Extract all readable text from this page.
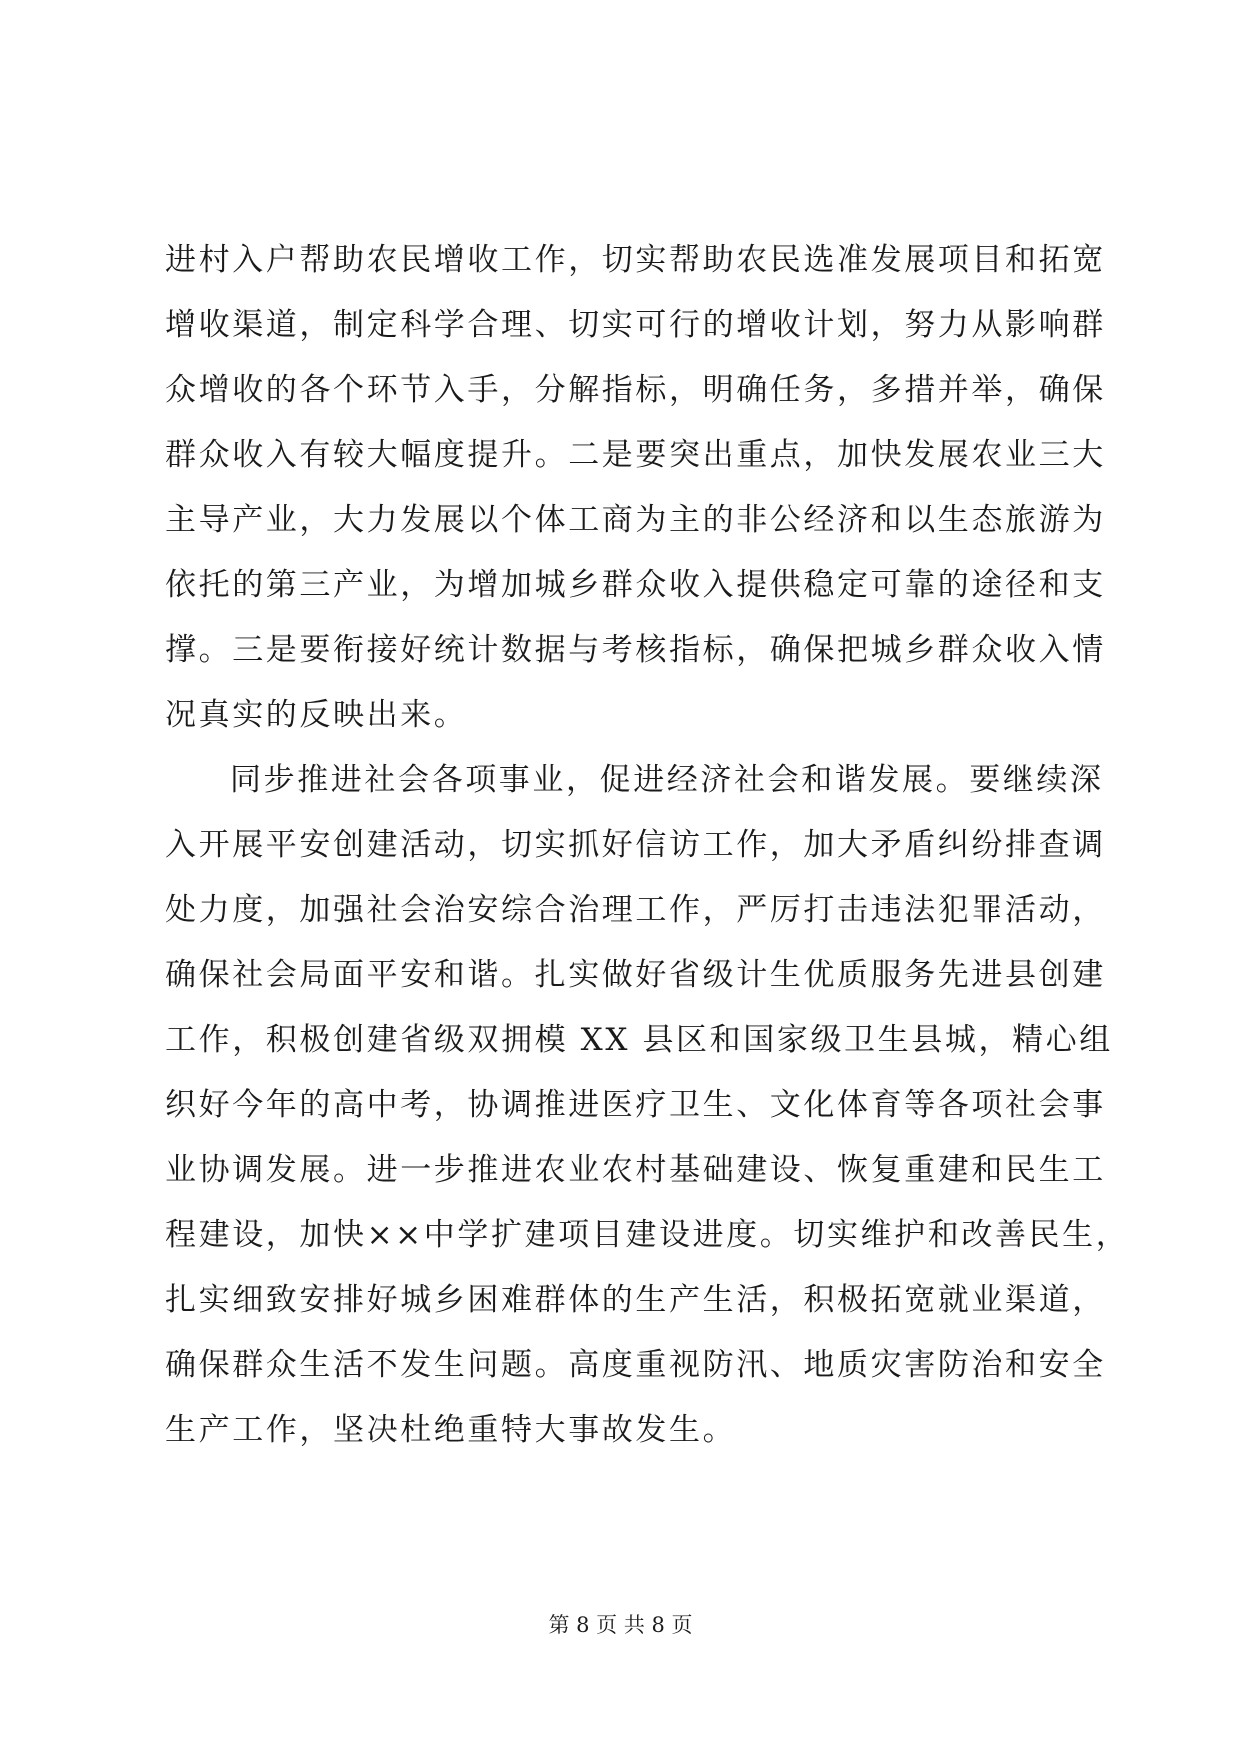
进村入户帮助农民增收工作，切实帮助农民选准发展项目和拓宽
增收渠道，制定科学合理、切实可行的增收计划，努力从影响群
众增收的各个环节入手，分解指标，明确任务，多措并举，确保
群众收入有较大幅度提升。二是要突出重点，加快发展农业三大
主导产业，大力发展以个体工商为主的非公经济和以生态旅游为
依托的第三产业，为增加城乡群众收入提供稳定可靠的途径和支
撑。三是要衔接好统计数据与考核指标，确保把城乡群众收入情
况真实的反映出来。
同步推进社会各项事业，促进经济社会和谐发展。要继续深
入开展平安创建活动，切实抓好信访工作，加大矛盾纠纷排查调
处力度，加强社会治安综合治理工作，严厉打击违法犯罪活动，
确保社会局面平安和谐。扎实做好省级计生优质服务先进县创建
工作，积极创建省级双拥模 XX 县区和国家级卫生县城，精心组
织好今年的高中考，协调推进医疗卫生、文化体育等各项社会事
业协调发展。进一步推进农业农村基础建设、恢复重建和民生工
程建设，加快××中学扩建项目建设进度。切实维护和改善民生，
扎实细致安排好城乡困难群体的生产生活，积极拓宽就业渠道，
确保群众生活不发生问题。高度重视防汛、地质灾害防治和安全
生产工作，坚决杜绝重特大事故发生。
第 8 页 共 8 页
